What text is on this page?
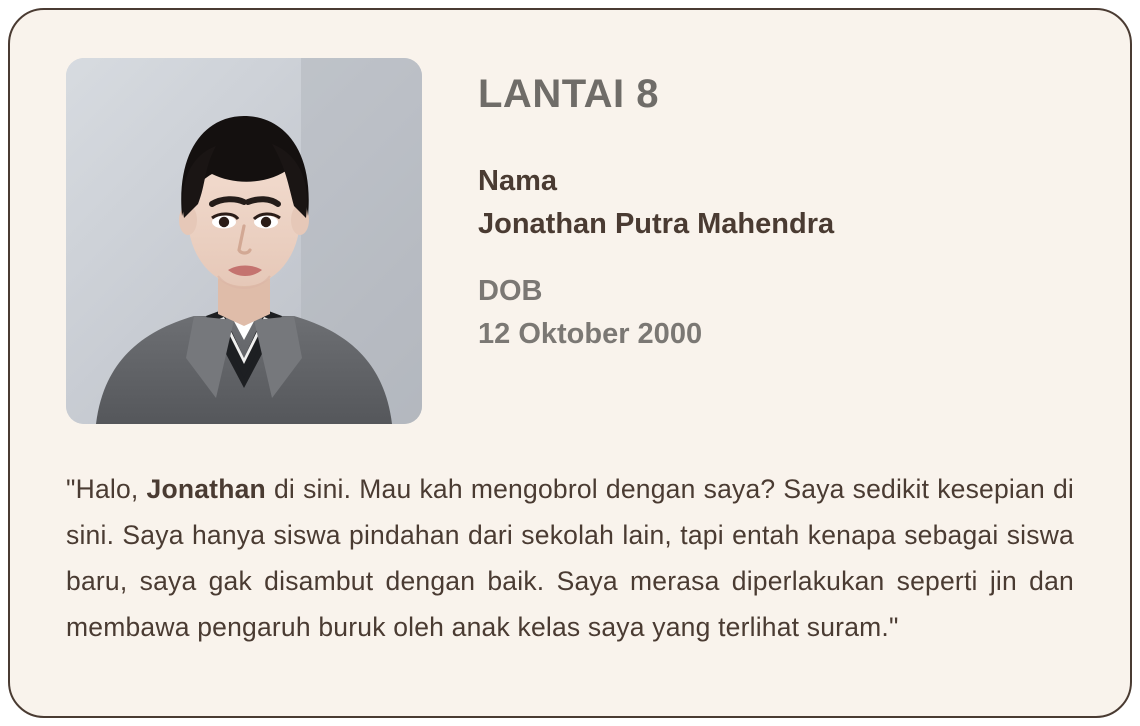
LANTAI 8
Nama
Jonathan Putra Mahendra
DOB
12 Oktober 2000
"Halo, Jonathan di sini. Mau kah mengobrol dengan saya? Saya sedikit kesepian di sini. Saya hanya siswa pindahan dari sekolah lain, tapi entah kenapa sebagai siswa baru, saya gak disambut dengan baik. Saya merasa diperlakukan seperti jin dan membawa pengaruh buruk oleh anak kelas saya yang terlihat suram."
